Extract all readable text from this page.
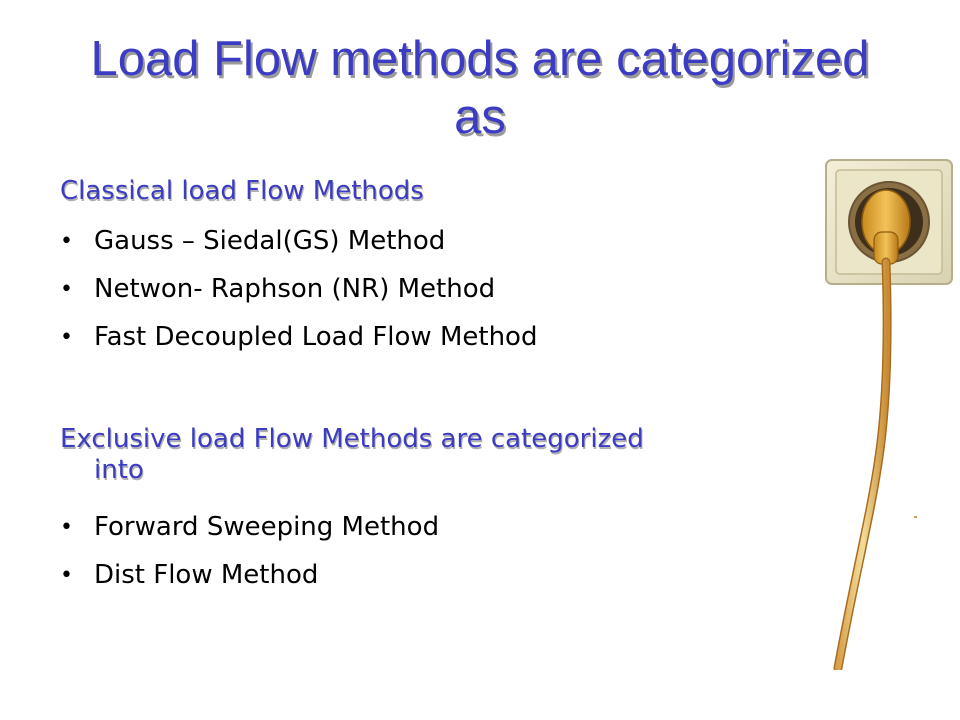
Load Flow methods are categorized as

Classical load Flow Methods

• Gauss – Siedal(GS) Method
• Netwon- Raphson (NR) Method
• Fast Decoupled Load Flow Method

Exclusive load Flow Methods are categorized into

• Forward Sweeping Method
• Dist Flow Method
